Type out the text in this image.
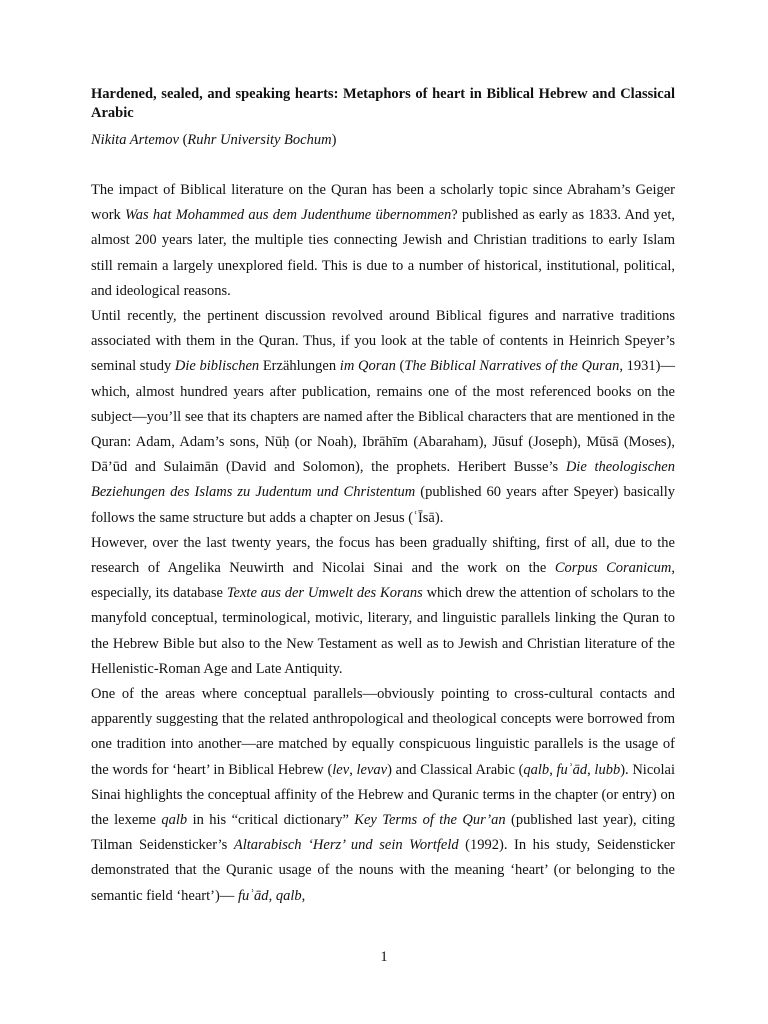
Hardened, sealed, and speaking hearts: Metaphors of heart in Biblical Hebrew and Classical Arabic

Nikita Artemov (Ruhr University Bochum)

The impact of Biblical literature on the Quran has been a scholarly topic since Abraham’s Geiger work Was hat Mohammed aus dem Judenthume übernommen? published as early as 1833. And yet, almost 200 years later, the multiple ties connecting Jewish and Christian traditions to early Islam still remain a largely unexplored field. This is due to a number of historical, institutional, political, and ideological reasons.

Until recently, the pertinent discussion revolved around Biblical figures and narrative traditions associated with them in the Quran. Thus, if you look at the table of contents in Heinrich Speyer’s seminal study Die biblischen Erzählungen im Qoran (The Biblical Narratives of the Quran, 1931)—which, almost hundred years after publication, remains one of the most referenced books on the subject—you’ll see that its chapters are named after the Biblical characters that are mentioned in the Quran: Adam, Adam’s sons, Nūḥ (or Noah), Ibrāhīm (Abaraham), Jūsuf (Joseph), Mūsā (Moses), Dā’ūd and Sulaimān (David and Solomon), the prophets. Heribert Busse’s Die theologischen Beziehungen des Islams zu Judentum und Christentum (published 60 years after Speyer) basically follows the same structure but adds a chapter on Jesus (ʿĪsā).

However, over the last twenty years, the focus has been gradually shifting, first of all, due to the research of Angelika Neuwirth and Nicolai Sinai and the work on the Corpus Coranicum, especially, its database Texte aus der Umwelt des Korans which drew the attention of scholars to the manyfold conceptual, terminological, motivic, literary, and linguistic parallels linking the Quran to the Hebrew Bible but also to the New Testament as well as to Jewish and Christian literature of the Hellenistic-Roman Age and Late Antiquity.

One of the areas where conceptual parallels—obviously pointing to cross-cultural contacts and apparently suggesting that the related anthropological and theological concepts were borrowed from one tradition into another—are matched by equally conspicuous linguistic parallels is the usage of the words for ‘heart’ in Biblical Hebrew (lev, levav) and Classical Arabic (qalb, fuʾād, lubb). Nicolai Sinai highlights the conceptual affinity of the Hebrew and Quranic terms in the chapter (or entry) on the lexeme qalb in his “critical dictionary” Key Terms of the Qur’an (published last year), citing Tilman Seidensticker’s Altarabisch ‘Herz’ und sein Wortfeld (1992). In his study, Seidensticker demonstrated that the Quranic usage of the nouns with the meaning ‘heart’ (or belonging to the semantic field ‘heart’)— fuʾād, qalb,

1
